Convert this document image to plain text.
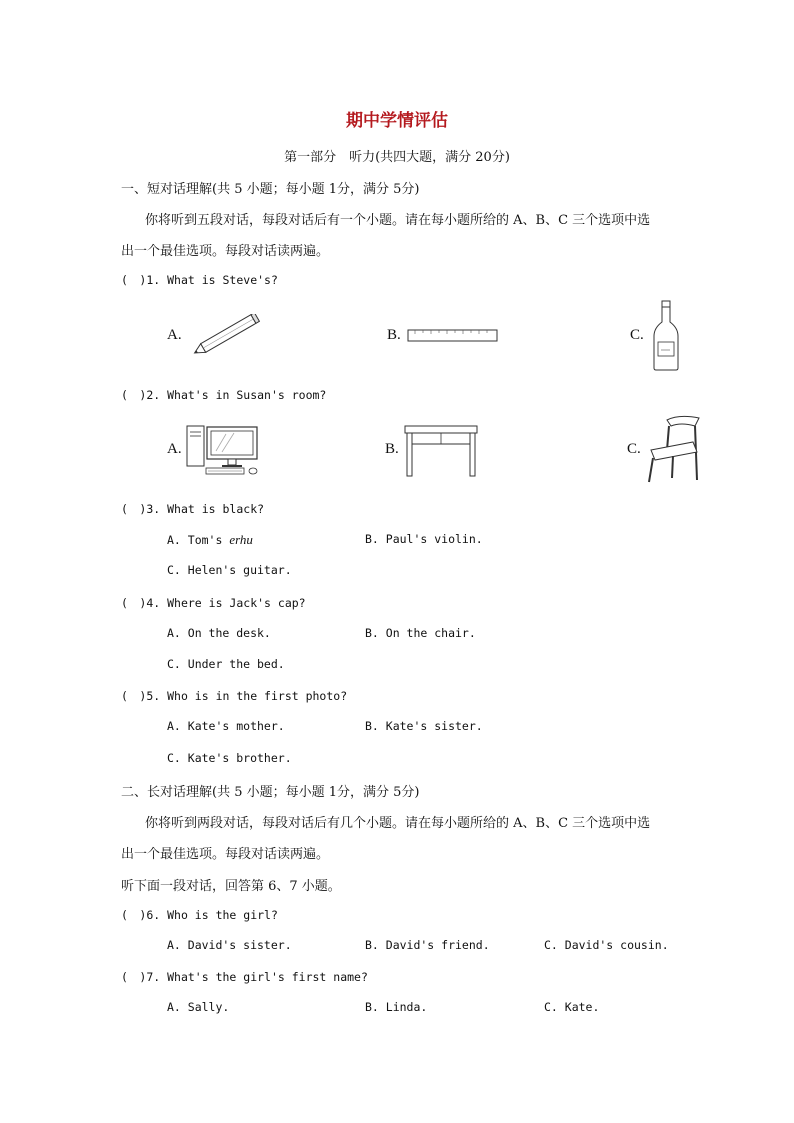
期中学情评估
第一部分　听力(共四大题，满分 20分)
一、短对话理解(共 5 小题；每小题 1分，满分 5分)
你将听到五段对话，每段对话后有一个小题。请在每小题所给的 A、B、C 三个选项中选
出一个最佳选项。每段对话读两遍。
(　)1. What is Steve's?
A.	B.	C.
(　)2. What's in Susan's room?
A.	B.	C.
(　)3. What is black?
A. Tom's erhu	B. Paul's violin.
C. Helen's guitar.
(　)4. Where is Jack's cap?
A. On the desk.	B. On the chair.
C. Under the bed.
(　)5. Who is in the first photo?
A. Kate's mother.	B. Kate's sister.
C. Kate's brother.
二、长对话理解(共 5 小题；每小题 1分，满分 5分)
你将听到两段对话，每段对话后有几个小题。请在每小题所给的 A、B、C 三个选项中选
出一个最佳选项。每段对话读两遍。
听下面一段对话，回答第 6、7 小题。
(　)6. Who is the girl?
A. David's sister.	B. David's friend.	C. David's cousin.
(　)7. What's the girl's first name?
A. Sally.	B. Linda.	C. Kate.
